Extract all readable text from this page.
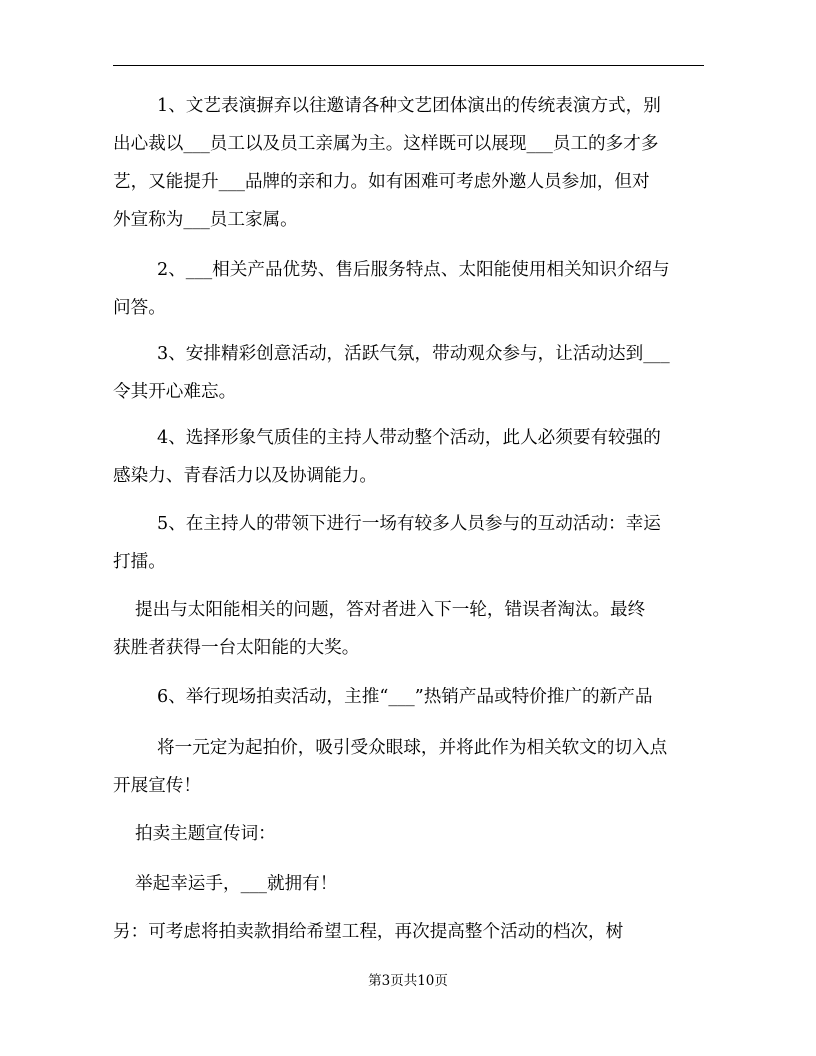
1、文艺表演摒弃以往邀请各种文艺团体演出的传统表演方式，别
出心裁以___员工以及员工亲属为主。这样既可以展现___员工的多才多
艺，又能提升___品牌的亲和力。如有困难可考虑外邀人员参加，但对
外宣称为___员工家属。
2、___相关产品优势、售后服务特点、太阳能使用相关知识介绍与
问答。
3、安排精彩创意活动，活跃气氛，带动观众参与，让活动达到___
令其开心难忘。
4、选择形象气质佳的主持人带动整个活动，此人必须要有较强的
感染力、青春活力以及协调能力。
5、在主持人的带领下进行一场有较多人员参与的互动活动：幸运
打擂。
提出与太阳能相关的问题，答对者进入下一轮，错误者淘汰。最终
获胜者获得一台太阳能的大奖。
6、举行现场拍卖活动，主推“___”热销产品或特价推广的新产品
将一元定为起拍价，吸引受众眼球，并将此作为相关软文的切入点
开展宣传！
拍卖主题宣传词：
举起幸运手，___就拥有！
另：可考虑将拍卖款捐给希望工程，再次提高整个活动的档次，树
第3页共10页
